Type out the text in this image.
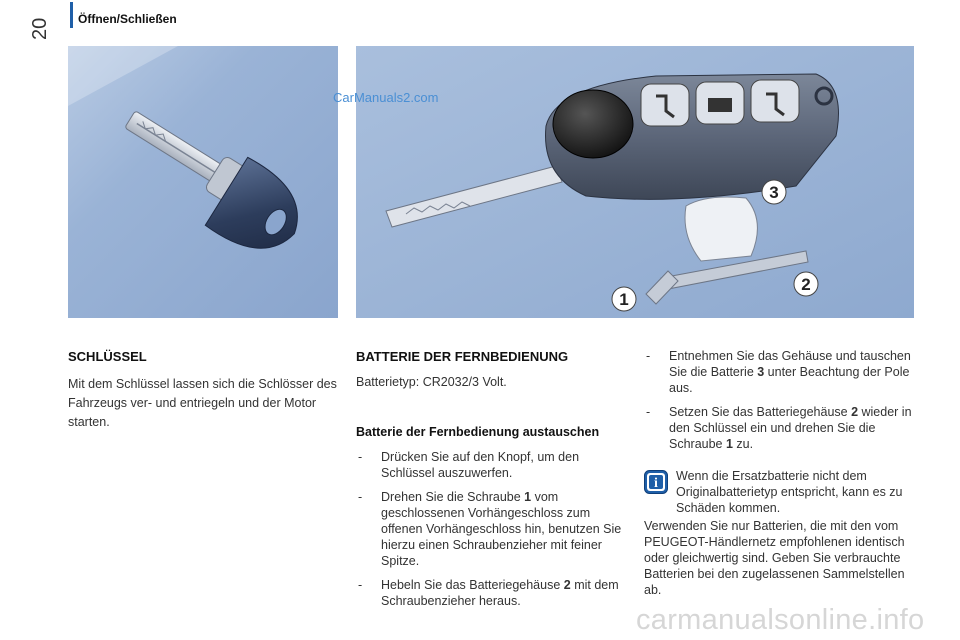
20 Öffnen/Schließen
3
2
1
CarManuals2.com
SCHLÜSSEL
Mit dem Schlüssel lassen sich die Schlösser des Fahrzeugs ver- und entriegeln und der Motor starten.
BATTERIE DER FERNBEDIENUNG
Batterietyp: CR2032/3 Volt.
Batterie der Fernbedienung austauschen
- Drücken Sie auf den Knopf, um den Schlüssel auszuwerfen.
- Drehen Sie die Schraube 1 vom geschlossenen Vorhängeschloss zum offenen Vorhängeschloss hin, benutzen Sie hierzu einen Schraubenzieher mit feiner Spitze.
- Hebeln Sie das Batteriegehäuse 2 mit dem Schraubenzieher heraus.
- Entnehmen Sie das Gehäuse und tauschen Sie die Batterie 3 unter Beachtung der Pole aus.
- Setzen Sie das Batteriegehäuse 2 wieder in den Schlüssel ein und drehen Sie die Schraube 1 zu.
i Wenn die Ersatzbatterie nicht dem Originalbatterietyp entspricht, kann es zu Schäden kommen.
Verwenden Sie nur Batterien, die mit den vom PEUGEOT-Händlernetz empfohlenen identisch oder gleichwertig sind. Geben Sie verbrauchte Batterien bei den zugelassenen Sammelstellen ab.
carmanualsonline.info
